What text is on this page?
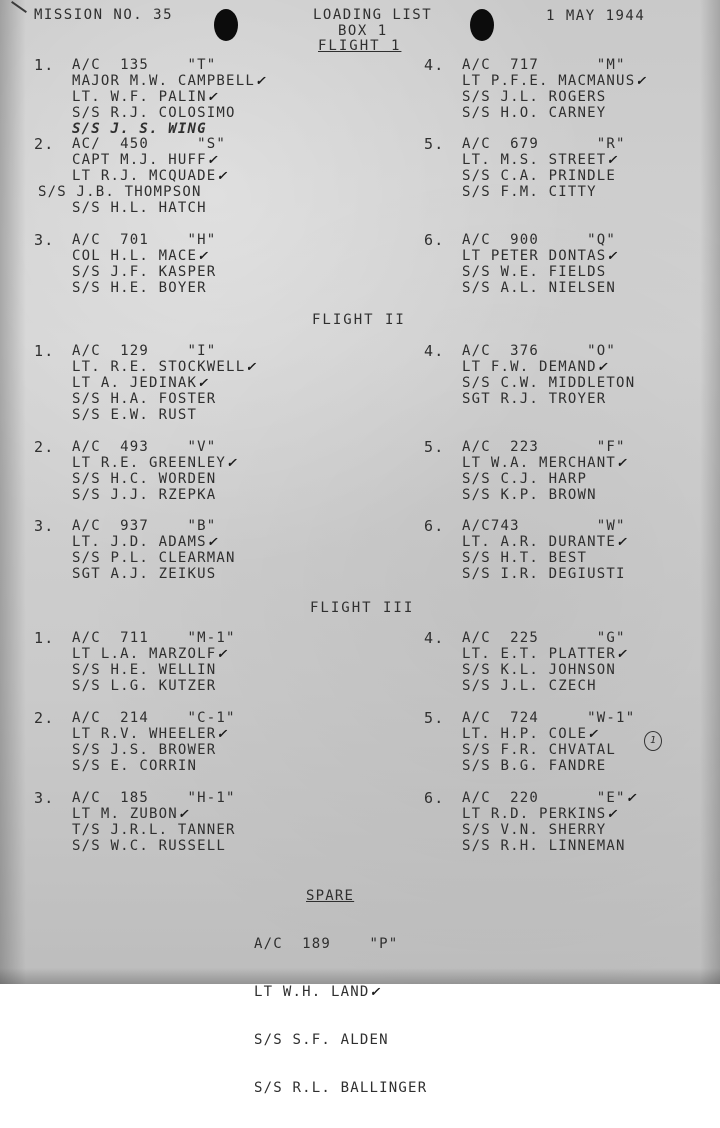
MISSION NO. 35	LOADING LIST	1 MAY 1944
BOX 1
FLIGHT 1
1. A/C  135    "T"
MAJOR M.W. CAMPBELL✓
LT. W.F. PALIN✓
S/S R.J. COLOSIMO
S/S J. S. WING
4. A/C  717      "M"
LT P.F.E. MACMANUS✓
S/S J.L. ROGERS
S/S H.O. CARNEY
2. AC/  450     "S"
CAPT M.J. HUFF✓
LT R.J. MCQUADE✓
S/S J.B. THOMPSON
S/S H.L. HATCH
5. A/C  679      "R"
LT. M.S. STREET✓
S/S C.A. PRINDLE
S/S F.M. CITTY
3. A/C  701    "H"
COL H.L. MACE✓
S/S J.F. KASPER
S/S H.E. BOYER
6. A/C  900     "Q"
LT PETER DONTAS✓
S/S W.E. FIELDS
S/S A.L. NIELSEN
FLIGHT II
1. A/C  129    "I"
LT. R.E. STOCKWELL✓
LT A. JEDINAK✓
S/S H.A. FOSTER
S/S E.W. RUST
4. A/C  376     "O"
LT F.W. DEMAND✓
S/S C.W. MIDDLETON
SGT R.J. TROYER
2. A/C  493    "V"
LT R.E. GREENLEY✓
S/S H.C. WORDEN
S/S J.J. RZEPKA
5. A/C  223      "F"
LT W.A. MERCHANT✓
S/S C.J. HARP
S/S K.P. BROWN
3. A/C  937    "B"
LT. J.D. ADAMS✓
S/S P.L. CLEARMAN
SGT A.J. ZEIKUS
6. A/C743        "W"
LT. A.R. DURANTE✓
S/S H.T. BEST
S/S I.R. DEGIUSTI
FLIGHT III
1. A/C  711    "M-1"
LT L.A. MARZOLF✓
S/S H.E. WELLIN
S/S L.G. KUTZER
4. A/C  225      "G"
LT. E.T. PLATTER✓
S/S K.L. JOHNSON
S/S J.L. CZECH
2. A/C  214    "C-1"
LT R.V. WHEELER✓
S/S J.S. BROWER
S/S E. CORRIN
5. A/C  724     "W-1"
LT. H.P. COLE✓
S/S F.R. CHVATAL
S/S B.G. FANDRE
3. A/C  185    "H-1"
LT M. ZUBON✓
T/S J.R.L. TANNER
S/S W.C. RUSSELL
6. A/C  220      "E"✓
LT R.D. PERKINS✓
S/S V.N. SHERRY
S/S R.H. LINNEMAN
1

SPARE

A/C  189    "P"

LT W.H. LAND✓

S/S S.F. ALDEN

S/S R.L. BALLINGER
